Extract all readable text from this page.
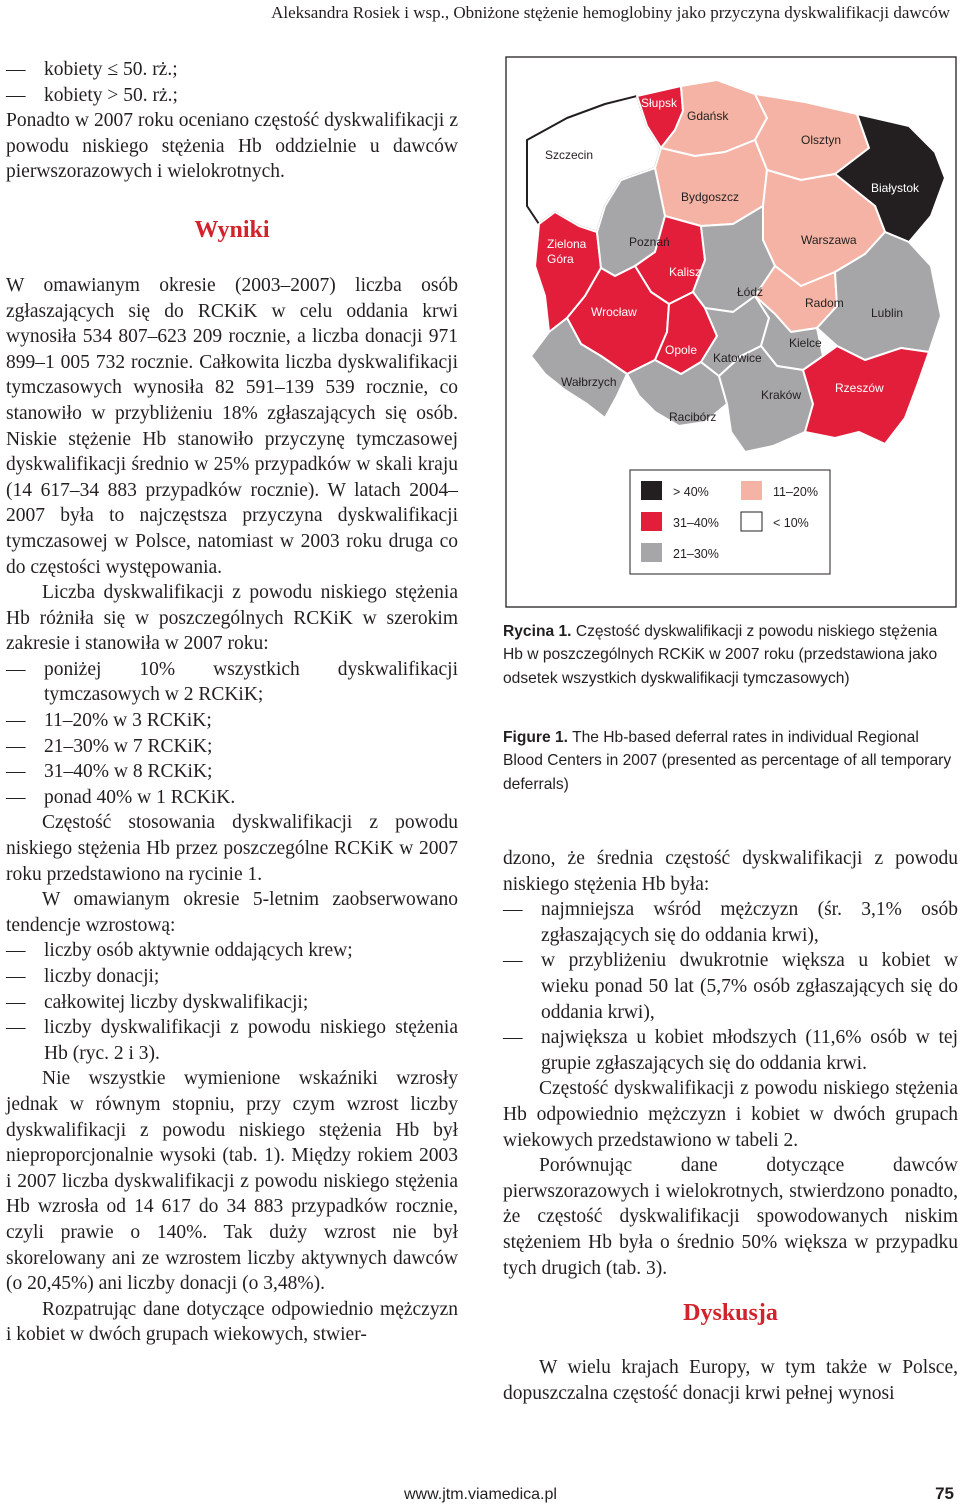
Aleksandra Rosiek i wsp., Obniżone stężenie hemoglobiny jako przyczyna dyskwalifikacji dawców
— kobiety ≤ 50. rż.;
— kobiety > 50. rż.;

Ponadto w 2007 roku oceniano częstość dyskwalifikacji z powodu niskiego stężenia Hb oddzielnie u dawców pierwszorazowych i wielokrotnych.

Wyniki

W omawianym okresie (2003–2007) liczba osób zgłaszających się do RCKiK w celu oddania krwi wynosiła 534 807–623 209 rocznie, a liczba donacji 971 899–1 005 732 rocznie. Całkowita liczba dyskwalifikacji tymczasowych wynosiła 82 591–139 539 rocznie, co stanowiło w przybliżeniu 18% zgłaszających się osób. Niskie stężenie Hb stanowiło przyczynę tymczasowej dyskwalifikacji średnio w 25% przypadków w skali kraju (14 617–34 883 przypadków rocznie). W latach 2004–2007 była to najczęstsza przyczyna dyskwalifikacji tymczasowej w Polsce, natomiast w 2003 roku druga co do częstości występowania.

Liczba dyskwalifikacji z powodu niskiego stężenia Hb różniła się w poszczególnych RCKiK w szerokim zakresie i stanowiła w 2007 roku:

— poniżej 10% wszystkich dyskwalifikacji tymczasowych w 2 RCKiK;
— 11–20% w 3 RCKiK;
— 21–30% w 7 RCKiK;
— 31–40% w 8 RCKiK;
— ponad 40% w 1 RCKiK.

Częstość stosowania dyskwalifikacji z powodu niskiego stężenia Hb przez poszczególne RCKiK w 2007 roku przedstawiono na rycinie 1.

W omawianym okresie 5-letnim zaobserwowano tendencje wzrostową:

— liczby osób aktywnie oddających krew;
— liczby donacji;
— całkowitej liczby dyskwalifikacji;
— liczby dyskwalifikacji z powodu niskiego stężenia Hb (ryc. 2 i 3).

Nie wszystkie wymienione wskaźniki wzrosły jednak w równym stopniu, przy czym wzrost liczby dyskwalifikacji z powodu niskiego stężenia Hb był nieproporcjonalnie wysoki (tab. 1). Między rokiem 2003 i 2007 liczba dyskwalifikacji z powodu niskiego stężenia Hb wzrosła od 14 617 do 34 883 przypadków rocznie, czyli prawie o 140%. Tak duży wzrost nie był skorelowany ani ze wzrostem liczby aktywnych dawców (o 20,45%) ani liczby donacji (o 3,48%).

Rozpatrując dane dotyczące odpowiednio mężczyzn i kobiet w dwóch grupach wiekowych, stwier-

Słupsk
Gdańsk
Szczecin
Olsztyn
Bydgoszcz
Białystok
Zielona Góra
Poznań	Warszawa
Kalisz
Łódź
Radom
Lublin
Wrocław
Opole
Katowice
Kielce
Wałbrzych
Kraków	Rzeszów
Racibórz
> 40%
31–40%
21–30%
11–20%
< 10%
Rycina 1. Częstość dyskwalifikacji z powodu niskiego stężenia Hb w poszczególnych RCKiK w 2007 roku (przedstawiona jako odsetek wszystkich dyskwalifikacji tymczasowych)
Figure 1. The Hb-based deferral rates in individual Regional Blood Centers in 2007 (presented as percentage of all temporary deferrals)

dzono, że średnia częstość dyskwalifikacji z powodu niskiego stężenia Hb była:

— najmniejsza wśród mężczyzn (śr. 3,1% osób zgłaszających się do oddania krwi),
— w przybliżeniu dwukrotnie większa u kobiet w wieku ponad 50 lat (5,7% osób zgłaszających się do oddania krwi),
— największa u kobiet młodszych (11,6% osób w tej grupie zgłaszających się do oddania krwi.

Częstość dyskwalifikacji z powodu niskiego stężenia Hb odpowiednio mężczyzn i kobiet w dwóch grupach wiekowych przedstawiono w tabeli 2.

Porównując dane dotyczące dawców pierwszorazowych i wielokrotnych, stwierdzono ponadto, że częstość dyskwalifikacji spowodowanych niskim stężeniem Hb była o średnio 50% większa w przypadku tych drugich (tab. 3).

Dyskusja

W wielu krajach Europy, w tym także w Polsce, dopuszczalna częstość donacji krwi pełnej wynosi

www.jtm.viamedica.pl	75
